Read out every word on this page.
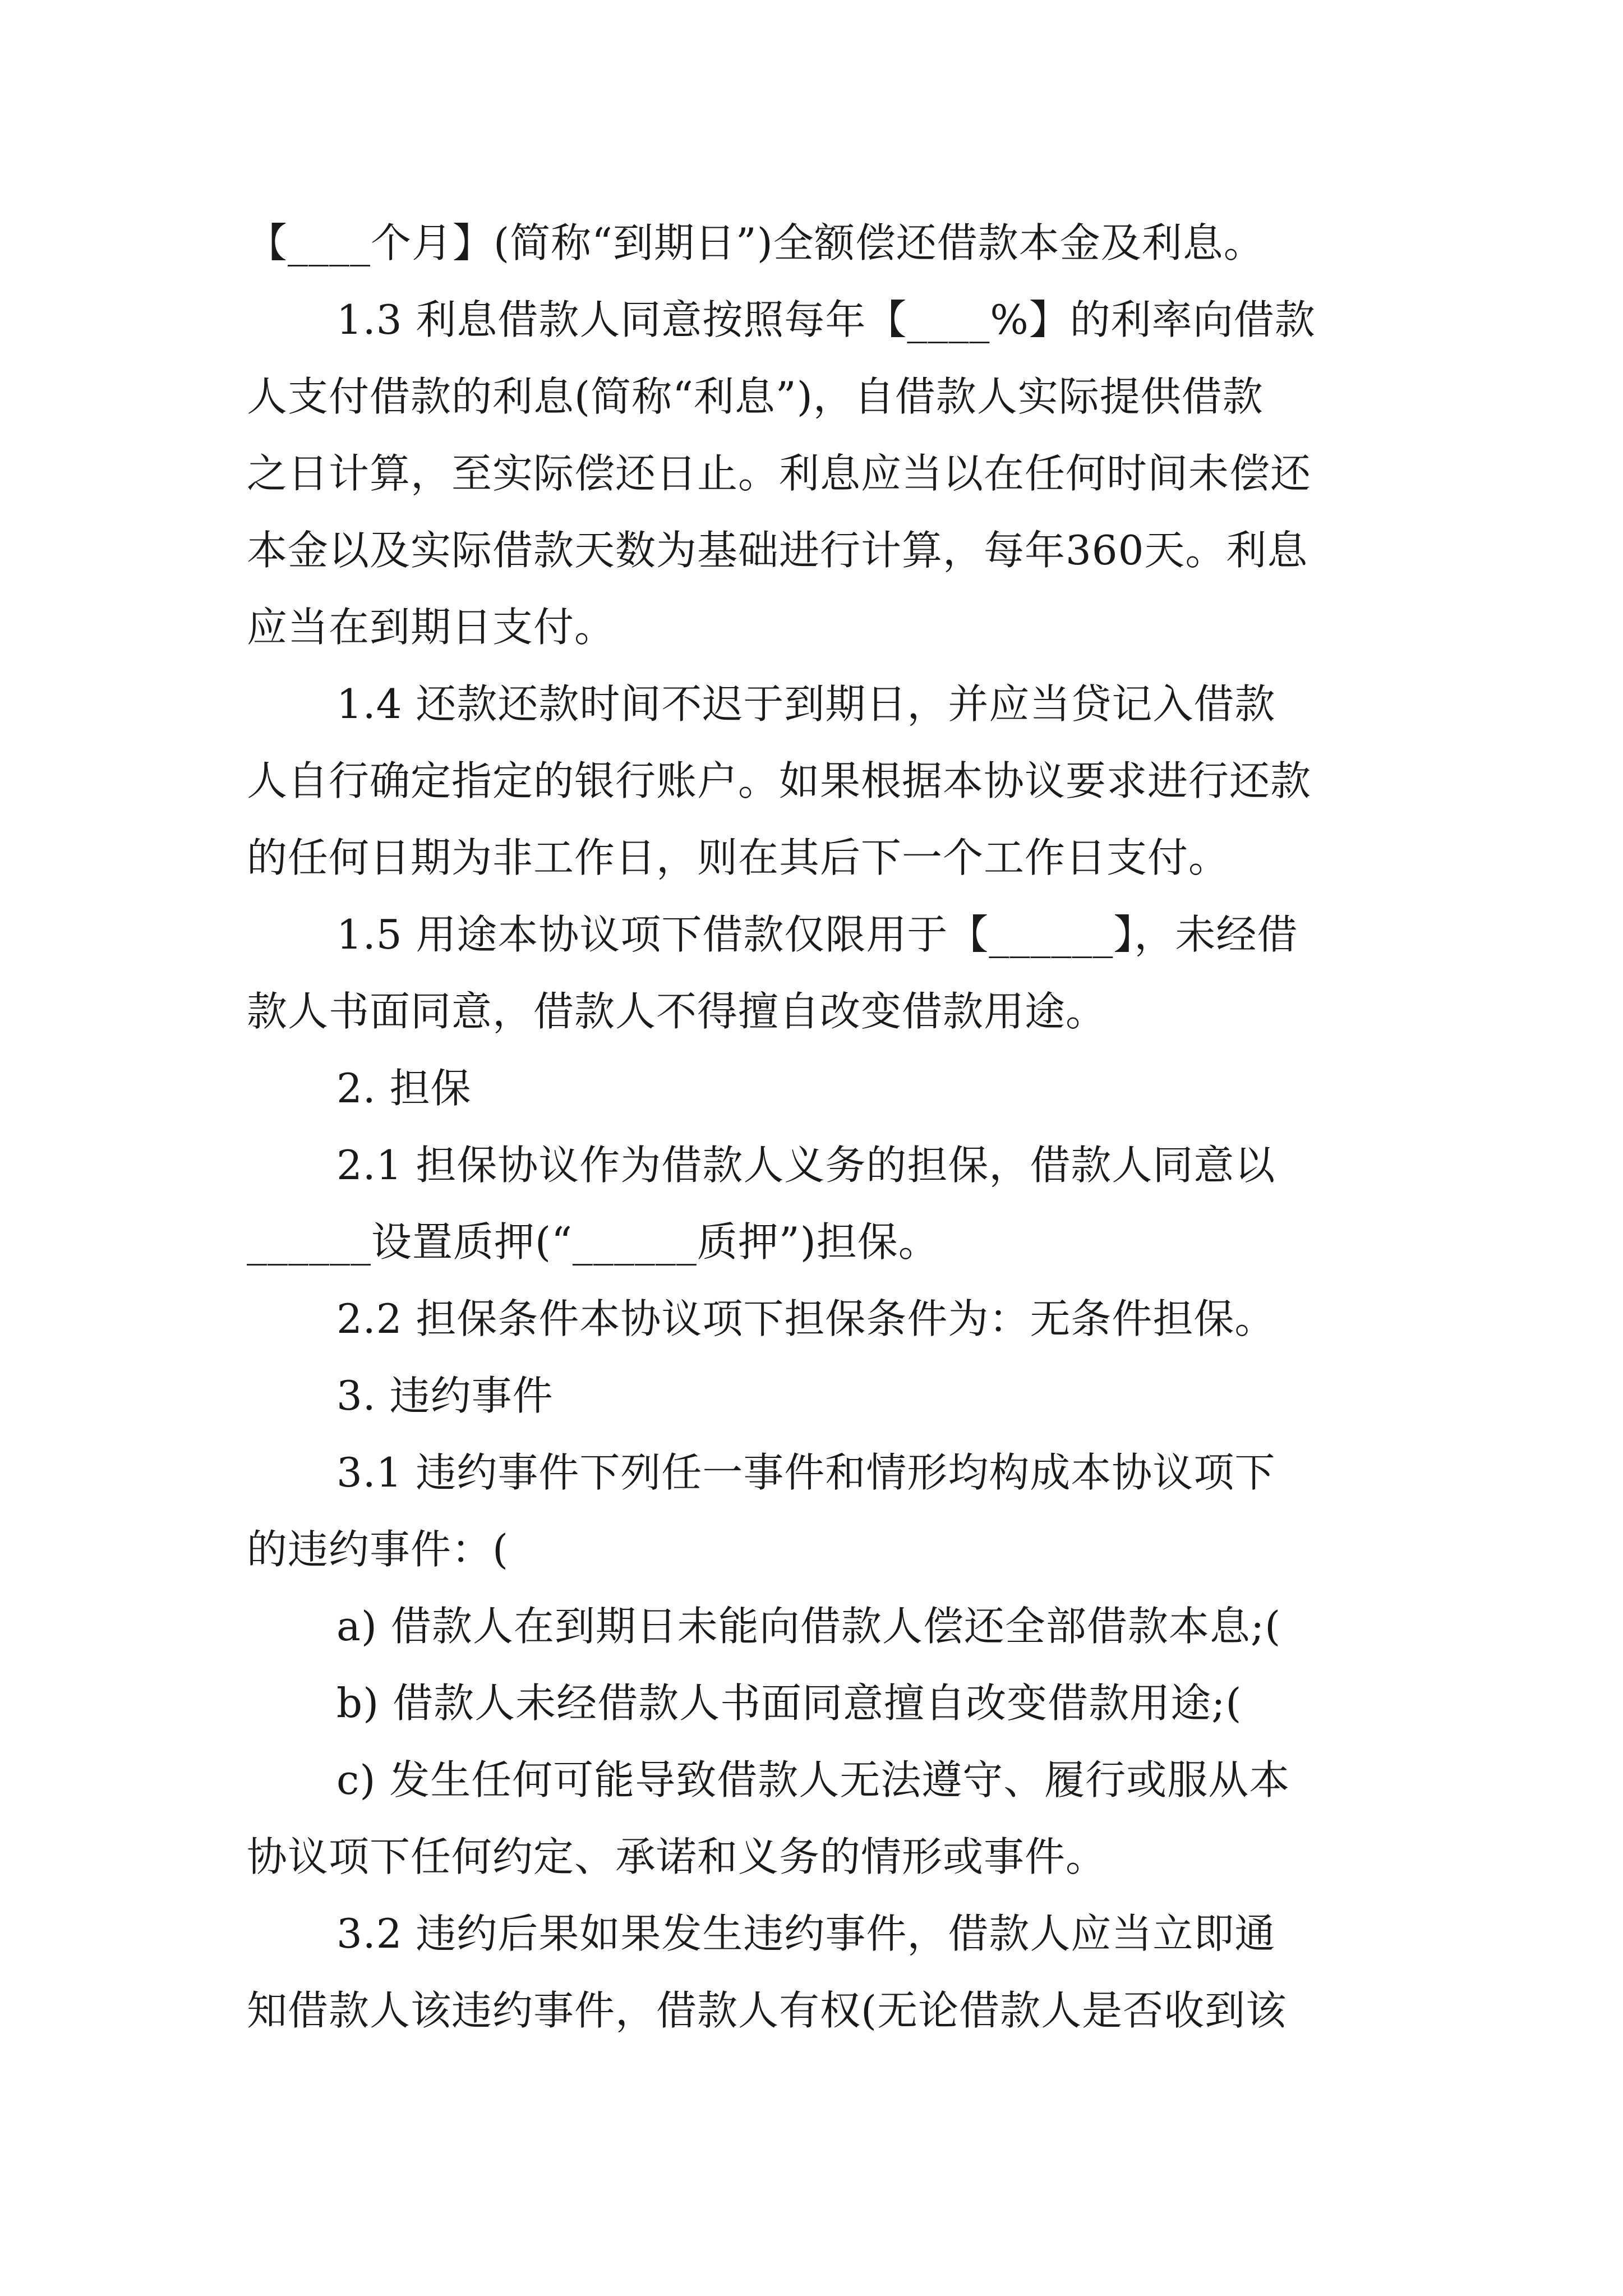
【____个月】(简称“到期日”)全额偿还借款本金及利息。
1.3 利息借款人同意按照每年【____%】的利率向借款
人支付借款的利息(简称“利息”)，自借款人实际提供借款
之日计算，至实际偿还日止。利息应当以在任何时间未偿还
本金以及实际借款天数为基础进行计算，每年360天。利息
应当在到期日支付。
1.4 还款还款时间不迟于到期日，并应当贷记入借款
人自行确定指定的银行账户。如果根据本协议要求进行还款
的任何日期为非工作日，则在其后下一个工作日支付。
1.5 用途本协议项下借款仅限用于【______】，未经借
款人书面同意，借款人不得擅自改变借款用途。
2. 担保
2.1 担保协议作为借款人义务的担保，借款人同意以
______设置质押(“______质押”)担保。
2.2 担保条件本协议项下担保条件为：无条件担保。
3. 违约事件
3.1 违约事件下列任一事件和情形均构成本协议项下
的违约事件：(
a) 借款人在到期日未能向借款人偿还全部借款本息;(
b) 借款人未经借款人书面同意擅自改变借款用途;(
c) 发生任何可能导致借款人无法遵守、履行或服从本
协议项下任何约定、承诺和义务的情形或事件。
3.2 违约后果如果发生违约事件，借款人应当立即通
知借款人该违约事件，借款人有权(无论借款人是否收到该
